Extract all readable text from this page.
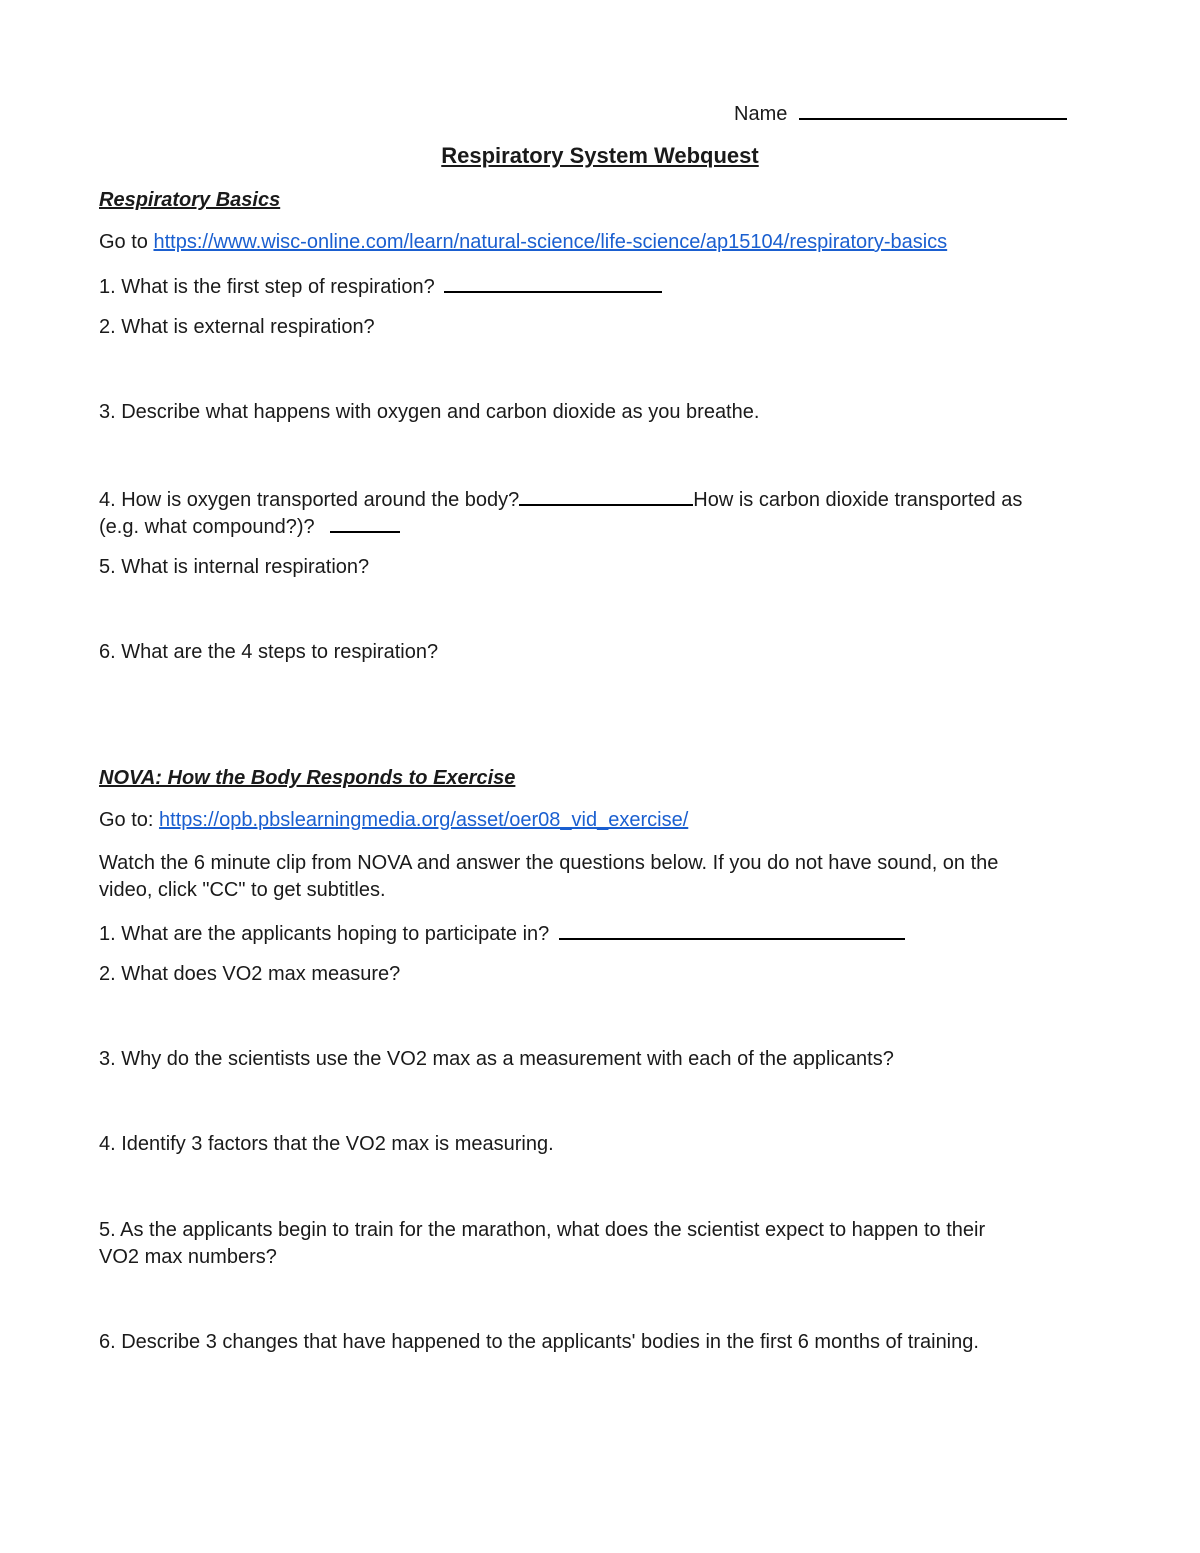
Name
Respiratory System Webquest
Respiratory Basics
Go to https://www.wisc-online.com/learn/natural-science/life-science/ap15104/respiratory-basics
1. What is the first step of respiration?
2. What is external respiration?
3. Describe what happens with oxygen and carbon dioxide as you breathe.
4. How is oxygen transported around the body?	How is carbon dioxide transported as
(e.g. what compound?)?
5. What is internal respiration?
6. What are the 4 steps to respiration?
NOVA: How the Body Responds to Exercise
Go to: https://opb.pbslearningmedia.org/asset/oer08_vid_exercise/
Watch the 6 minute clip from NOVA and answer the questions below. If you do not have sound, on the
video, click "CC" to get subtitles.
1. What are the applicants hoping to participate in?
2. What does VO2 max measure?
3. Why do the scientists use the VO2 max as a measurement with each of the applicants?
4. Identify 3 factors that the VO2 max is measuring.
5. As the applicants begin to train for the marathon, what does the scientist expect to happen to their
VO2 max numbers?
6. Describe 3 changes that have happened to the applicants' bodies in the first 6 months of training.
